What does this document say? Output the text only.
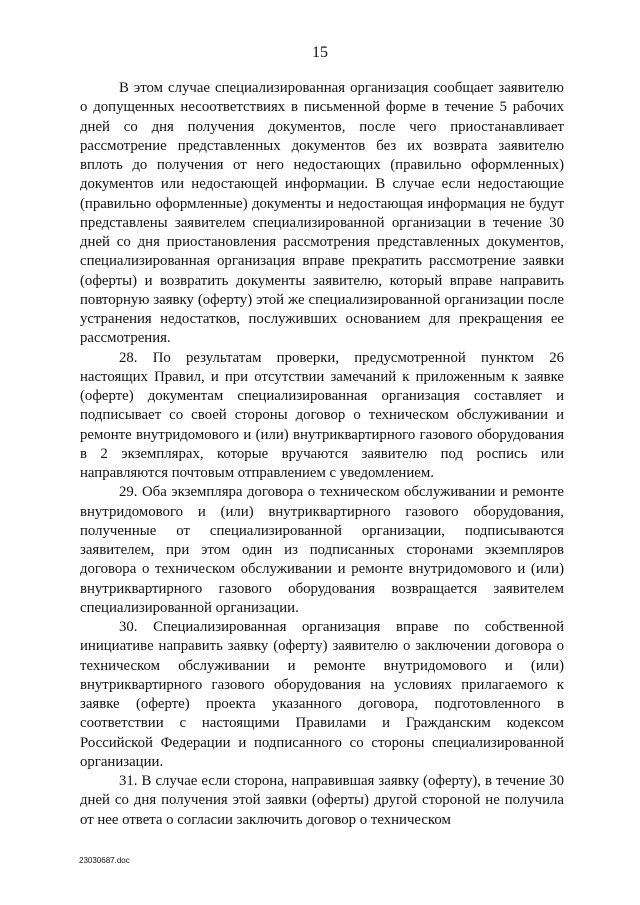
15

В этом случае специализированная организация сообщает заявителю о допущенных несоответствиях в письменной форме в течение 5 рабочих дней со дня получения документов, после чего приостанавливает рассмотрение представленных документов без их возврата заявителю вплоть до получения от него недостающих (правильно оформленных) документов или недостающей информации. В случае если недостающие (правильно оформленные) документы и недостающая информация не будут представлены заявителем специализированной организации в течение 30 дней со дня приостановления рассмотрения представленных документов, специализированная организация вправе прекратить рассмотрение заявки (оферты) и возвратить документы заявителю, который вправе направить повторную заявку (оферту) этой же специализированной организации после устранения недостатков, послуживших основанием для прекращения ее рассмотрения.

28. По результатам проверки, предусмотренной пунктом 26 настоящих Правил, и при отсутствии замечаний к приложенным к заявке (оферте) документам специализированная организация составляет и подписывает со своей стороны договор о техническом обслуживании и ремонте внутридомового и (или) внутриквартирного газового оборудования в 2 экземплярах, которые вручаются заявителю под роспись или направляются почтовым отправлением с уведомлением.

29. Оба экземпляра договора о техническом обслуживании и ремонте внутридомового и (или) внутриквартирного газового оборудования, полученные от специализированной организации, подписываются заявителем, при этом один из подписанных сторонами экземпляров договора о техническом обслуживании и ремонте внутридомового и (или) внутриквартирного газового оборудования возвращается заявителем специализированной организации.

30. Специализированная организация вправе по собственной инициативе направить заявку (оферту) заявителю о заключении договора о техническом обслуживании и ремонте внутридомового и (или) внутриквартирного газового оборудования на условиях прилагаемого к заявке (оферте) проекта указанного договора, подготовленного в соответствии с настоящими Правилами и Гражданским кодексом Российской Федерации и подписанного со стороны специализированной организации.

31. В случае если сторона, направившая заявку (оферту), в течение 30 дней со дня получения этой заявки (оферты) другой стороной не получила от нее ответа о согласии заключить договор о техническом

23030687.doc
